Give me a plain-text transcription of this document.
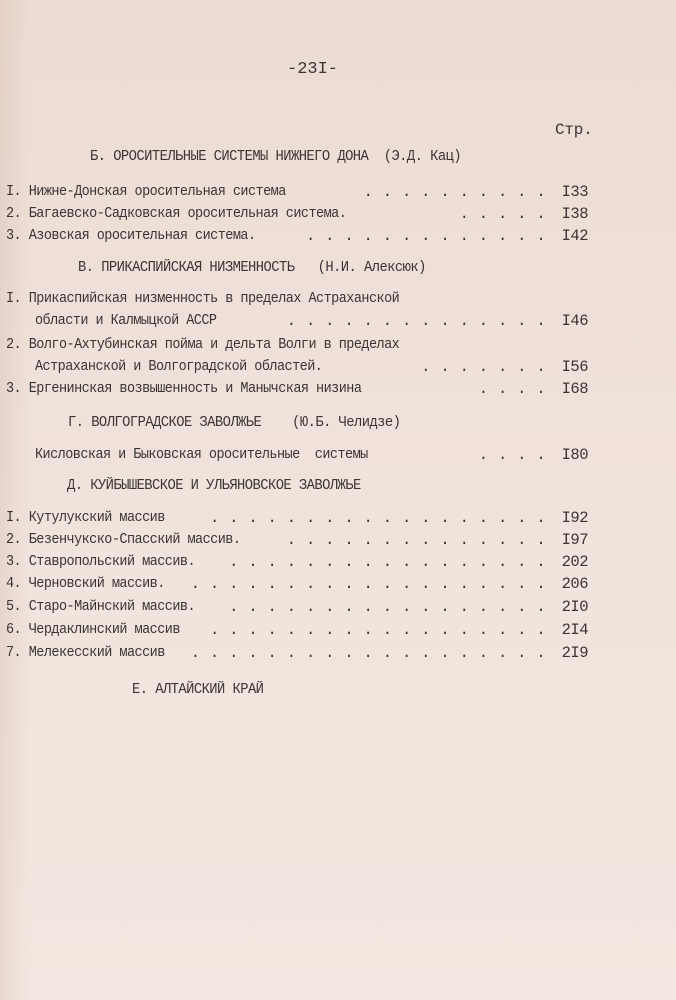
-23I-
Стр.
Б. ОРОСИТЕЛЬНЫЕ СИСТЕМЫ НИЖНЕГО ДОНА  (Э.Д. Кац)
I. Нижне-Донская оросительная система	. . . . . . . . . . I33
2. Багаевско-Садковская оросительная система.	. . . . . I38
3. Азовская оросительная система.	. . . . . . . . . . . . . I42
В. ПРИКАСПИЙСКАЯ НИЗМЕННОСТЬ   (Н.И. Алексюк)
I. Прикаспийская низменность в пределах Астраханской
области и Калмыцкой АССР	. . . . . . . . . . . . . . I46
2. Волго-Ахтубинская пойма и дельта Волги в пределах
Астраханской и Волгоградской областей.	. . . . . . . I56
3. Ергенинская возвышенность и Манычская низина	. . . . I68
Г. ВОЛГОГРАДСКОЕ ЗАВОЛЖЬЕ    (Ю.Б. Челидзе)
Кисловская и Быковская оросительные  системы	. . . . I80
Д. КУЙБЫШЕВСКОЕ И УЛЬЯНОВСКОЕ ЗАВОЛЖЬЕ
I. Кутулукский массив	. . . . . . . . . . . . . . . . . . I92
2. Безенчукско-Спасский массив.	. . . . . . . . . . . . . . I97
3. Ставропольский массив. . . . . . . . . . . . . . . . . . 202
4. Черновский массив. . . . . . . . . . . . . . . . . . . . 206
5. Старо-Майнский массив. . . . . . . . . . . . . . . . . . 2I0
6. Чердаклинский массив . . . . . . . . . . . . . . . . . . 2I4
7. Мелекесский массив . . . . . . . . . . . . . . . . . . . 2I9
Е. АЛТАЙСКИЙ КРАЙ
